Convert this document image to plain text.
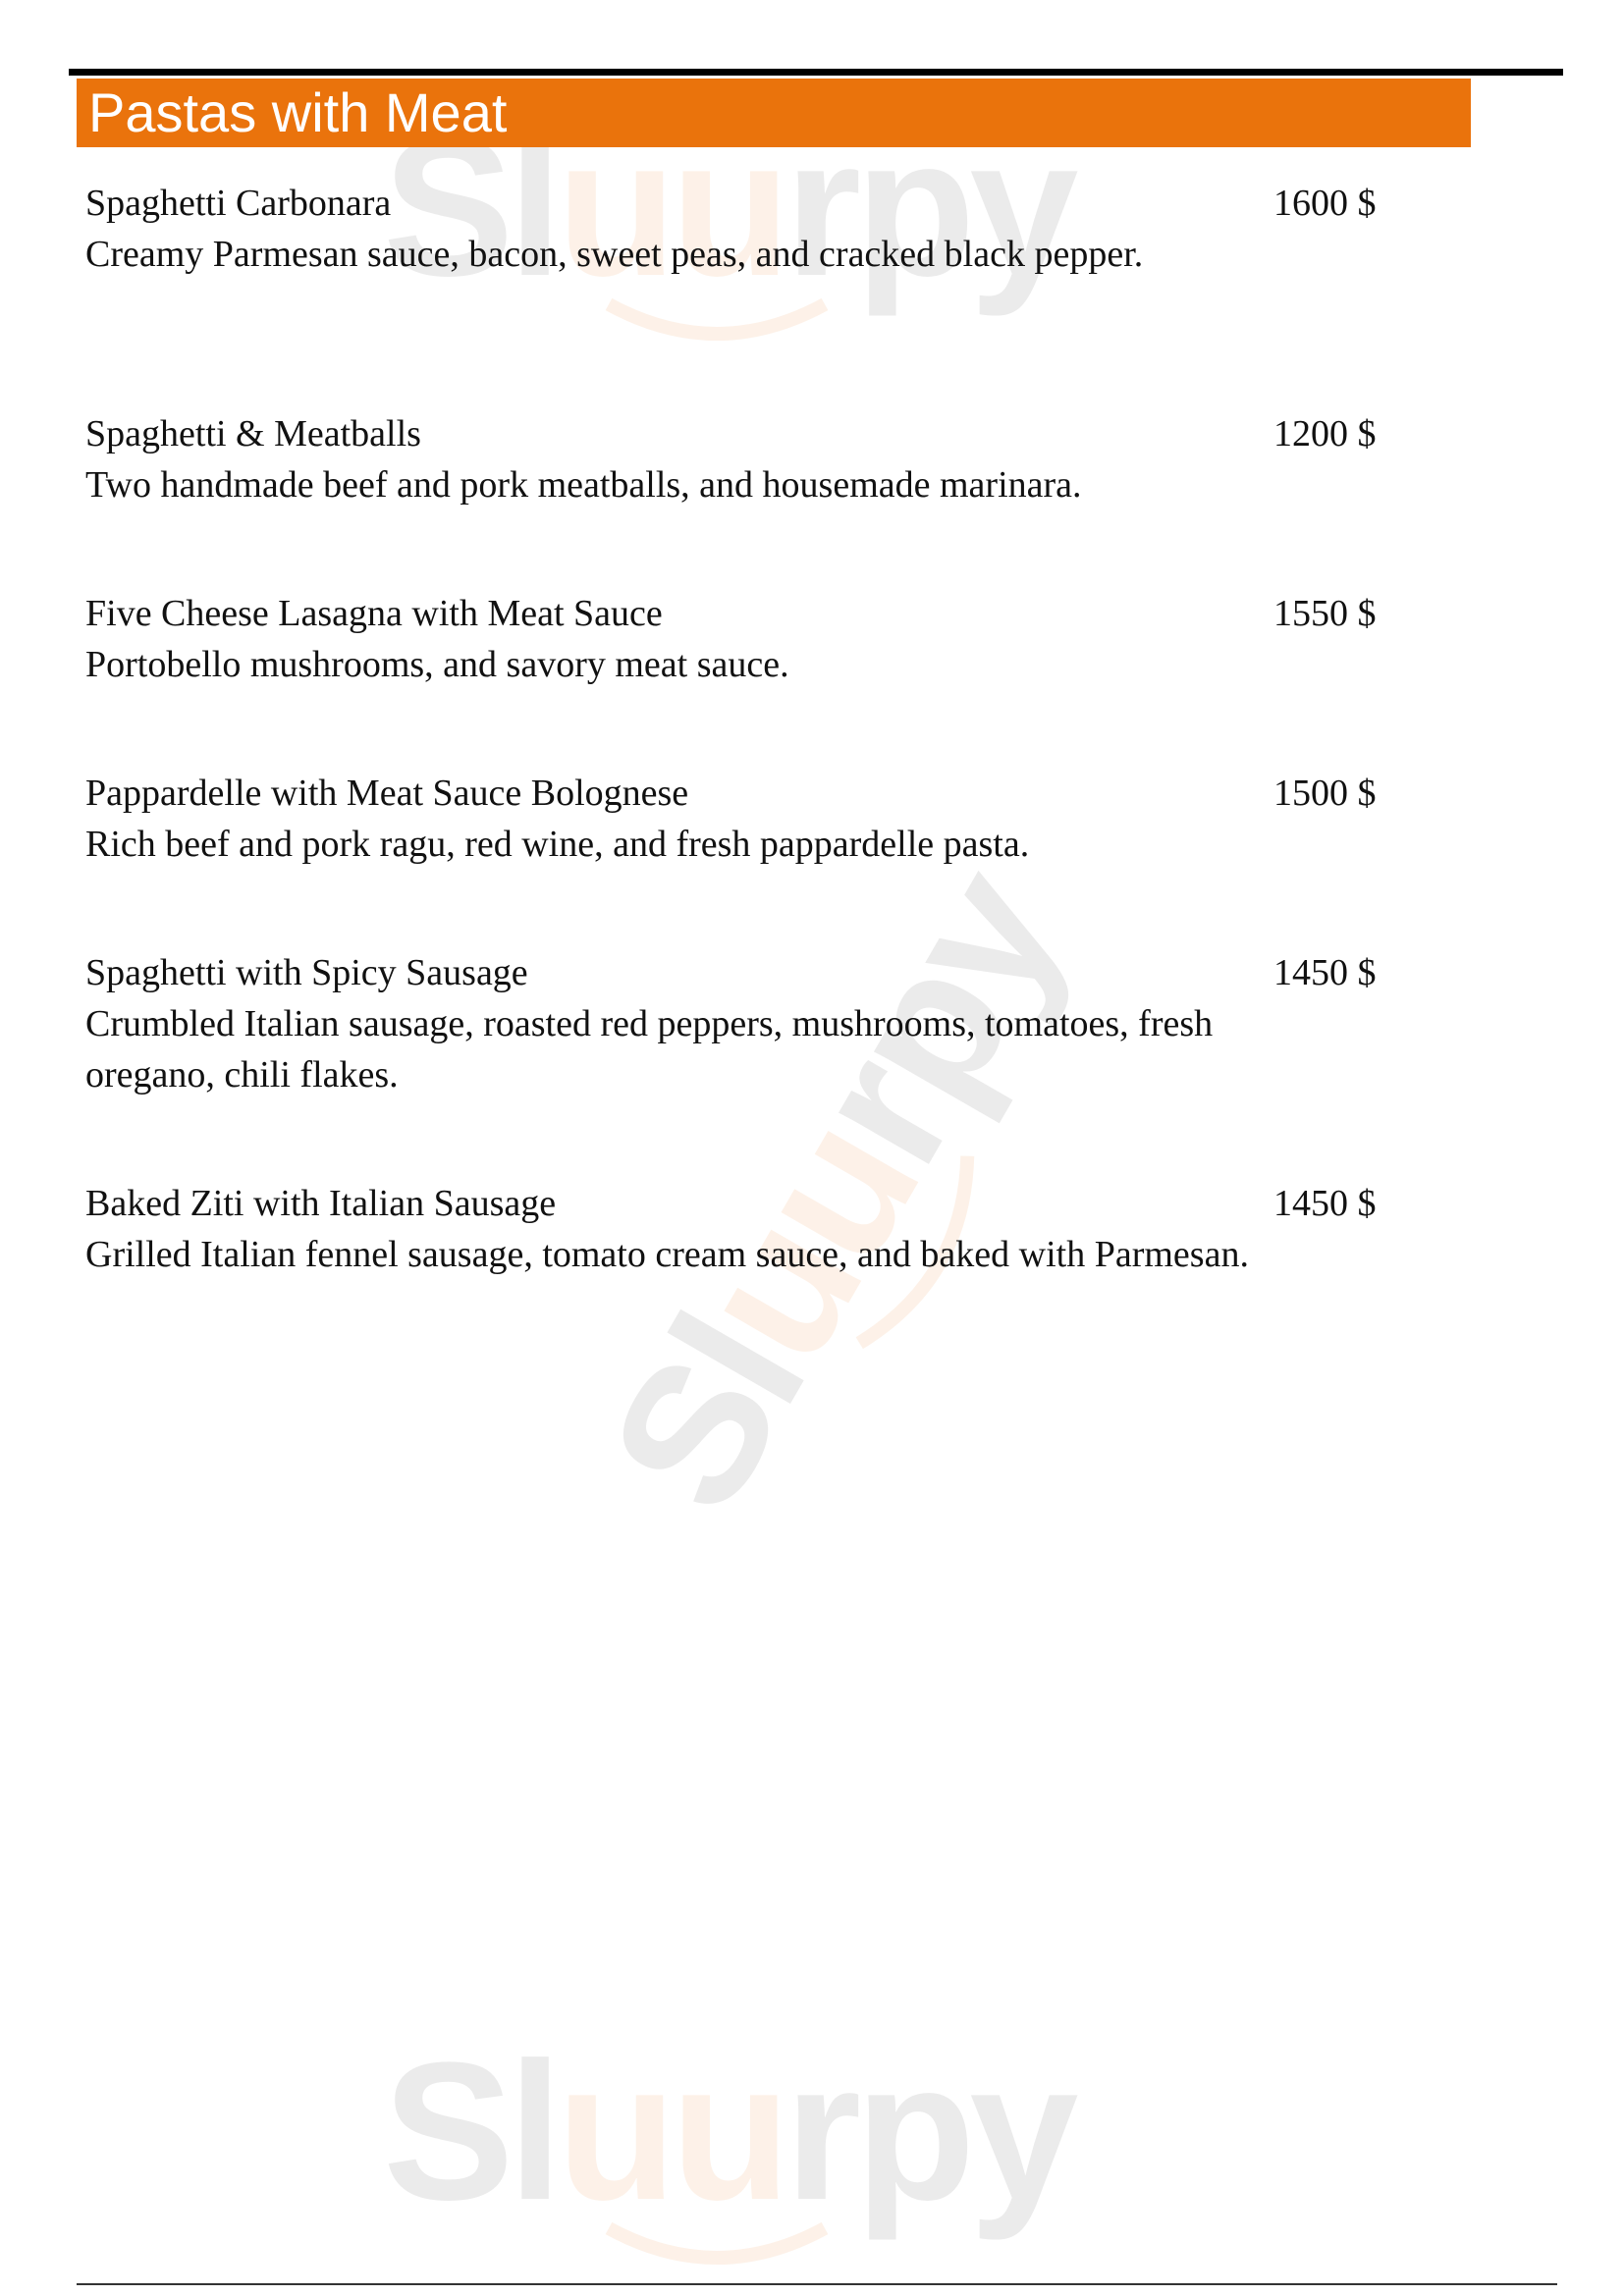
Sluurpy
Sluurpy
Sluurpy
Pastas with Meat
Spaghetti Carbonara
Creamy Parmesan sauce, bacon, sweet peas, and cracked black pepper.
1600 $
Spaghetti & Meatballs
Two handmade beef and pork meatballs, and housemade marinara.
1200 $
Five Cheese Lasagna with Meat Sauce
Portobello mushrooms, and savory meat sauce.
1550 $
Pappardelle with Meat Sauce Bolognese
Rich beef and pork ragu, red wine, and fresh pappardelle pasta.
1500 $
Spaghetti with Spicy Sausage
Crumbled Italian sausage, roasted red peppers, mushrooms, tomatoes, fresh oregano, chili flakes.
1450 $
Baked Ziti with Italian Sausage
Grilled Italian fennel sausage, tomato cream sauce, and baked with Parmesan.
1450 $
